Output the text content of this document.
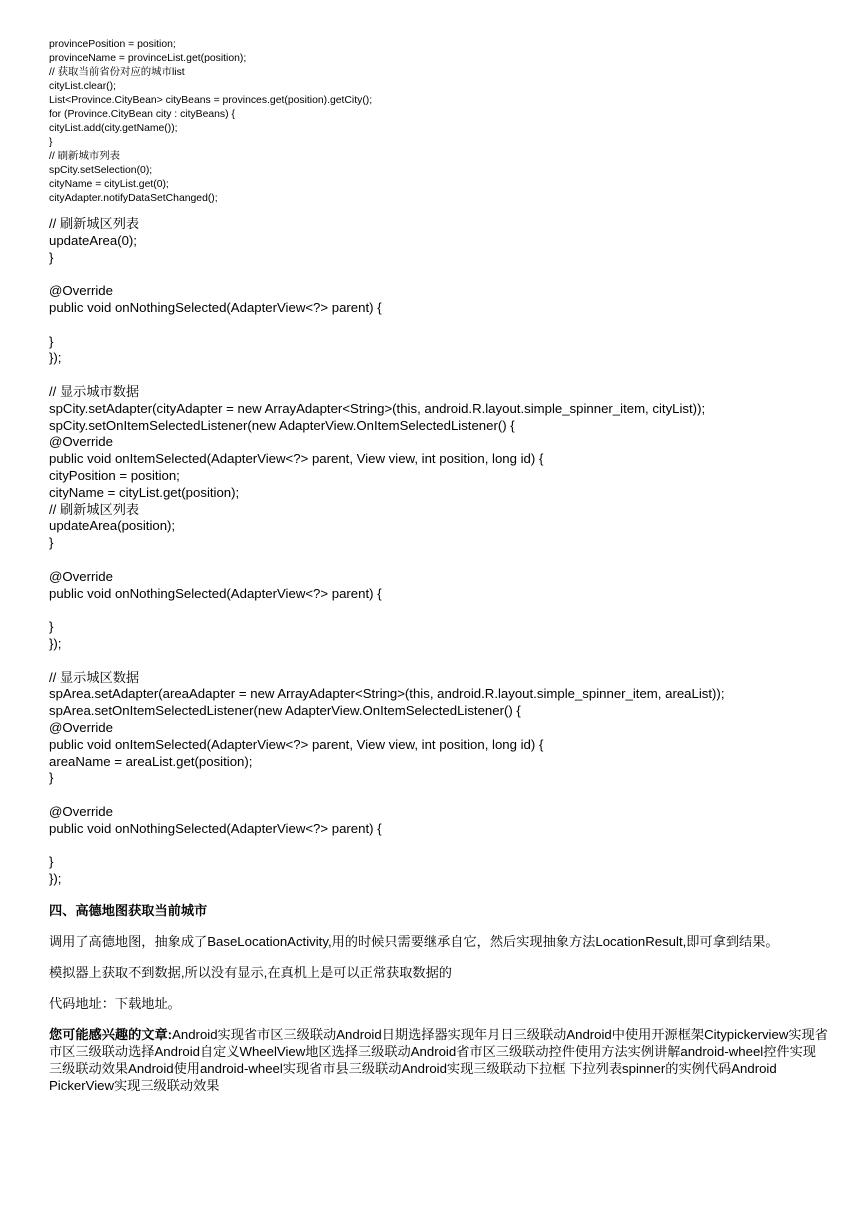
provincePosition = position;
provinceName = provinceList.get(position);
// 获取当前省份对应的城市list
cityList.clear();
List<Province.CityBean> cityBeans = provinces.get(position).getCity();
for (Province.CityBean city : cityBeans) {
cityList.add(city.getName());
}
// 刷新城市列表
spCity.setSelection(0);
cityName = cityList.get(0);
cityAdapter.notifyDataSetChanged();
// 刷新城区列表
updateArea(0);
}
@Override
public void onNothingSelected(AdapterView<?> parent) {
}
});
// 显示城市数据
spCity.setAdapter(cityAdapter = new ArrayAdapter<String>(this, android.R.layout.simple_spinner_item, cityList));
spCity.setOnItemSelectedListener(new AdapterView.OnItemSelectedListener() {
@Override
public void onItemSelected(AdapterView<?> parent, View view, int position, long id) {
cityPosition = position;
cityName = cityList.get(position);
// 刷新城区列表
updateArea(position);
}
@Override
public void onNothingSelected(AdapterView<?> parent) {
}
});
// 显示城区数据
spArea.setAdapter(areaAdapter = new ArrayAdapter<String>(this, android.R.layout.simple_spinner_item, areaList));
spArea.setOnItemSelectedListener(new AdapterView.OnItemSelectedListener() {
@Override
public void onItemSelected(AdapterView<?> parent, View view, int position, long id) {
areaName = areaList.get(position);
}
@Override
public void onNothingSelected(AdapterView<?> parent) {
}
});
四、高德地图获取当前城市
调用了高德地图，抽象成了BaseLocationActivity,用的时候只需要继承自它，然后实现抽象方法LocationResult,即可拿到结果。
模拟器上获取不到数据,所以没有显示,在真机上是可以正常获取数据的
代码地址：下载地址。
您可能感兴趣的文章:Android实现省市区三级联动Android日期选择器实现年月日三级联动Android中使用开源框架Citypickerview实现省市区三级联动选择Android自定义WheelView地区选择三级联动Android省市区三级联动控件使用方法实例讲解android-wheel控件实现三级联动效果Android使用android-wheel实现省市县三级联动Android实现三级联动下拉框 下拉列表spinner的实例代码Android PickerView实现三级联动效果
